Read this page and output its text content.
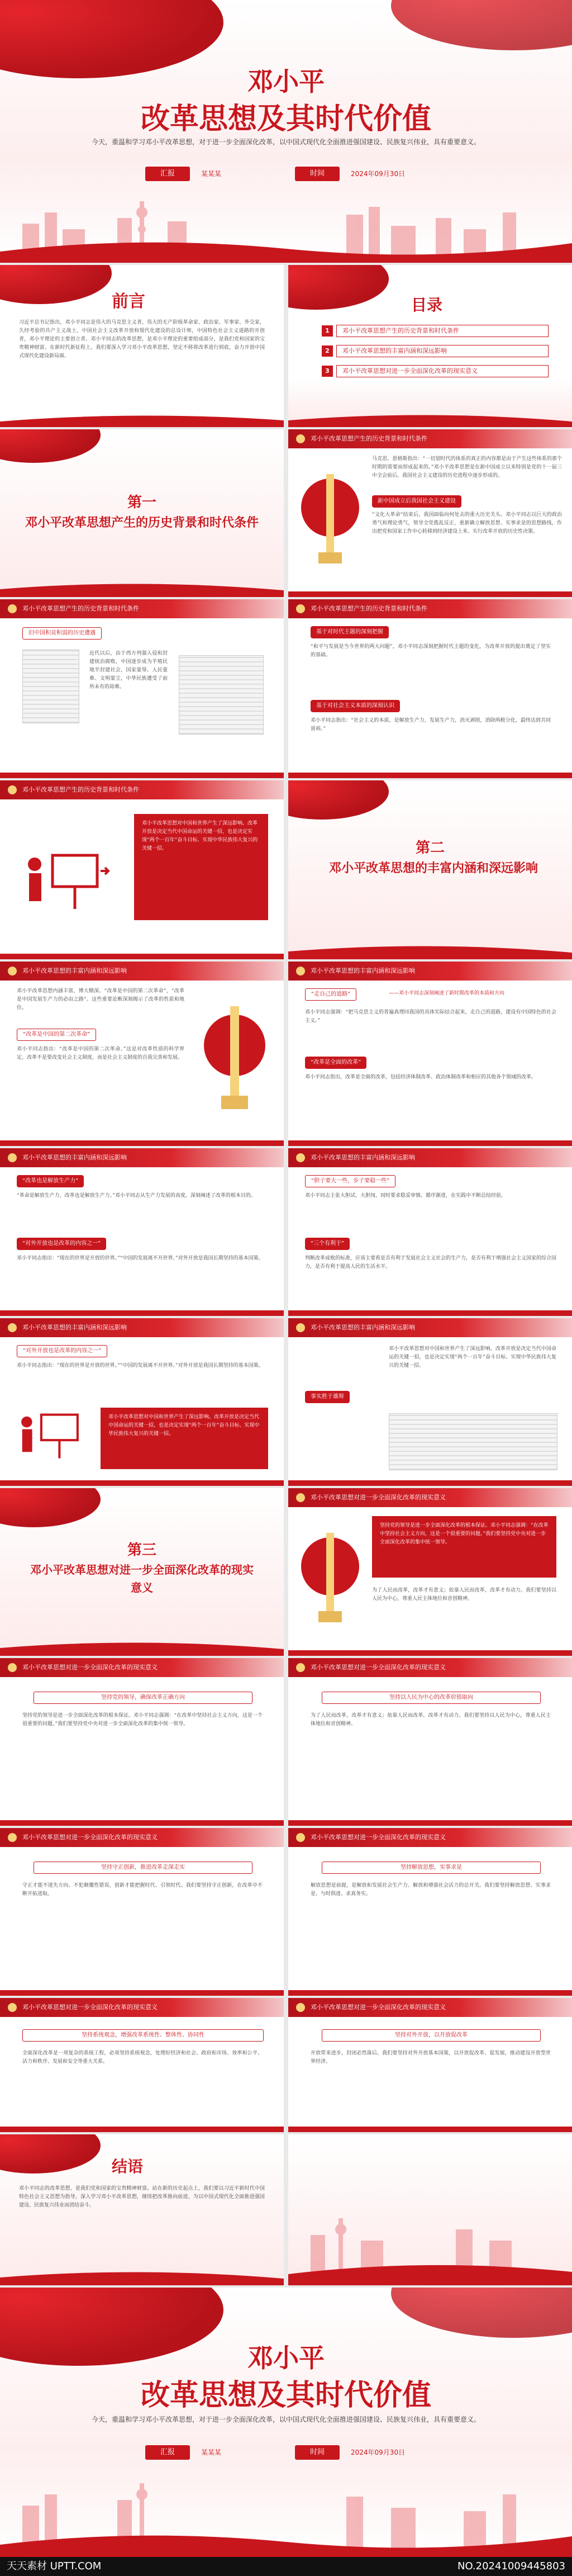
邓小平
改革思想及其时代价值
今天，重温和学习邓小平改革思想，对于进一步全面深化改革，以中国式现代化全面推进强国建设、民族复兴伟业，具有重要意义。
汇报	某某某	时间	2024年09月30日
前言
习近平总书记指出，邓小平同志是伟大的马克思主义者，伟大的无产阶级革命家、政治家、军事家、外交家，久经考验的共产主义战士，中国社会主义改革开放和现代化建设的总设计师，中国特色社会主义道路的开创者，邓小平理论的主要创立者。邓小平同志的改革思想，是邓小平理论的重要组成部分，是我们党和国家的宝贵精神财富。在新时代新征程上，我们要深入学习邓小平改革思想，坚定不移将改革进行到底，奋力开创中国式现代化建设新局面。
目录
1	邓小平改革思想产生的历史背景和时代条件
2	邓小平改革思想的丰富内涵和深远影响
3	邓小平改革思想对进一步全面深化改革的现实意义
第一
邓小平改革思想产生的历史背景和时代条件
邓小平改革思想产生的历史背景和时代条件
马克思、恩格斯指出：“一切划时代的体系的真正的内容都是由于产生这些体系的那个时期的需要而形成起来的。”邓小平改革思想是在新中国成立以来特别是党的十一届三中全会前后，我国社会主义建设的历史进程中逐步形成的。
新中国成立后我国社会主义建设
“文化大革命”结束后，我国面临向何处去的重大历史关头。邓小平同志以巨大的政治勇气和理论勇气，领导全党拨乱反正，重新确立解放思想、实事求是的思想路线，作出把党和国家工作中心转移到经济建设上来、实行改革开放的历史性决策。
邓小平改革思想产生的历史背景和时代条件
旧中国积贫积弱的历史遭遇
近代以后，由于西方列强入侵和封建统治腐败，中国逐步成为半殖民地半封建社会，国家蒙辱、人民蒙难、文明蒙尘，中华民族遭受了前所未有的劫难。
邓小平改革思想产生的历史背景和时代条件
基于对时代主题的深刻把握
“和平与发展是当今世界的两大问题”，邓小平同志深刻把握时代主题的变化，为改革开放的提出奠定了坚实的基础。
基于对社会主义本质的深刻认识
邓小平同志指出：“社会主义的本质，是解放生产力，发展生产力，消灭剥削，消除两极分化，最终达到共同富裕。”
邓小平改革思想产生的历史背景和时代条件
邓小平改革思想对中国和世界产生了深远影响。改革开放是决定当代中国命运的关键一招，也是决定实现“两个一百年”奋斗目标、实现中华民族伟大复兴的关键一招。	第二
邓小平改革思想的丰富内涵和深远影响
邓小平改革思想的丰富内涵和深远影响
邓小平改革思想内涵丰富，博大精深。“改革是中国的第二次革命”，“改革是中国发展生产力的必由之路”。这些重要论断深刻揭示了改革的性质和地位。
“改革是中国的第二次革命”
邓小平同志指出：“改革是中国的第二次革命。”这是对改革性质的科学界定。改革不是要改变社会主义制度，而是社会主义制度的自我完善和发展。
邓小平改革思想的丰富内涵和深远影响
“走自己的道路”	——邓小平同志深刻阐述了新时期改革的本质和方向
邓小平同志强调：“把马克思主义的普遍真理同我国的具体实际结合起来，走自己的道路，建设有中国特色的社会主义。”
“改革是全面的改革”
邓小平同志指出，改革是全面的改革，包括经济体制改革、政治体制改革和相应的其他各个领域的改革。
邓小平改革思想的丰富内涵和深远影响
“改革也是解放生产力”
“革命是解放生产力，改革也是解放生产力。”邓小平同志从生产力发展的高度，深刻阐述了改革的根本目的。
“对外开放也是改革的内容之一”
邓小平同志指出：“现在的世界是开放的世界。”“中国的发展离不开世界。”对外开放是我国长期坚持的基本国策。
邓小平改革思想的丰富内涵和深远影响
“胆子要大一些，步子要稳一些”
邓小平同志主张大胆试、大胆闯，同时要求稳妥审慎、循序渐进，在实践中不断总结经验。
“三个有利于”
判断改革成败的标准，应该主要看是否有利于发展社会主义社会的生产力，是否有利于增强社会主义国家的综合国力，是否有利于提高人民的生活水平。
邓小平改革思想的丰富内涵和深远影响
“对外开放也是改革的内容之一”
邓小平同志指出：“现在的世界是开放的世界。”“中国的发展离不开世界。”对外开放是我国长期坚持的基本国策。
邓小平改革思想对中国和世界产生了深远影响。改革开放是决定当代中国命运的关键一招，也是决定实现“两个一百年”奋斗目标、实现中华民族伟大复兴的关键一招。
邓小平改革思想的丰富内涵和深远影响
事实胜于雄辩
邓小平改革思想对中国和世界产生了深远影响。改革开放是决定当代中国命运的关键一招，也是决定实现“两个一百年”奋斗目标、实现中华民族伟大复兴的关键一招。
第三
邓小平改革思想对进一步全面深化改革的现实意义
邓小平改革思想对进一步全面深化改革的现实意义
坚持党的领导是进一步全面深化改革的根本保证。邓小平同志强调：“在改革中坚持社会主义方向，这是一个很重要的问题。”我们要坚持党中央对进一步全面深化改革的集中统一领导。
为了人民而改革，改革才有意义；依靠人民而改革，改革才有动力。我们要坚持以人民为中心，尊重人民主体地位和首创精神。
邓小平改革思想对进一步全面深化改革的现实意义
坚持党的领导，确保改革正确方向
坚持党的领导是进一步全面深化改革的根本保证。邓小平同志强调：“在改革中坚持社会主义方向，这是一个很重要的问题。”我们要坚持党中央对进一步全面深化改革的集中统一领导。
邓小平改革思想对进一步全面深化改革的现实意义
坚持以人民为中心的改革价值取向
为了人民而改革，改革才有意义；依靠人民而改革，改革才有动力。我们要坚持以人民为中心，尊重人民主体地位和首创精神。
邓小平改革思想对进一步全面深化改革的现实意义
坚持守正创新，推进改革走深走实
守正才能不迷失方向、不犯颠覆性错误，创新才能把握时代、引领时代。我们要坚持守正创新，在改革中不断开拓进取。
邓小平改革思想对进一步全面深化改革的现实意义
坚持解放思想，实事求是
解放思想是前提，是解放和发展社会生产力、解放和增强社会活力的总开关。我们要坚持解放思想、实事求是、与时俱进、求真务实。
邓小平改革思想对进一步全面深化改革的现实意义
坚持系统观念，增强改革系统性、整体性、协同性
全面深化改革是一项复杂的系统工程，必须坚持系统观念，处理好经济和社会、政府和市场、效率和公平、活力和秩序、发展和安全等重大关系。
邓小平改革思想对进一步全面深化改革的现实意义
坚持对外开放，以开放促改革
开放带来进步，封闭必然落后。我们要坚持对外开放基本国策，以开放促改革、促发展，推动建设开放型世界经济。
结语
邓小平同志的改革思想，是我们党和国家的宝贵精神财富。站在新的历史起点上，我们要以习近平新时代中国特色社会主义思想为指导，深入学习邓小平改革思想，继续把改革推向前进，为以中国式现代化全面推进强国建设、民族复兴伟业而团结奋斗。
邓小平
改革思想及其时代价值
今天，重温和学习邓小平改革思想，对于进一步全面深化改革，以中国式现代化全面推进强国建设、民族复兴伟业，具有重要意义。
汇报	某某某	时间	2024年09月30日
天天素材 UPTT.COM	NO.20241009445803
